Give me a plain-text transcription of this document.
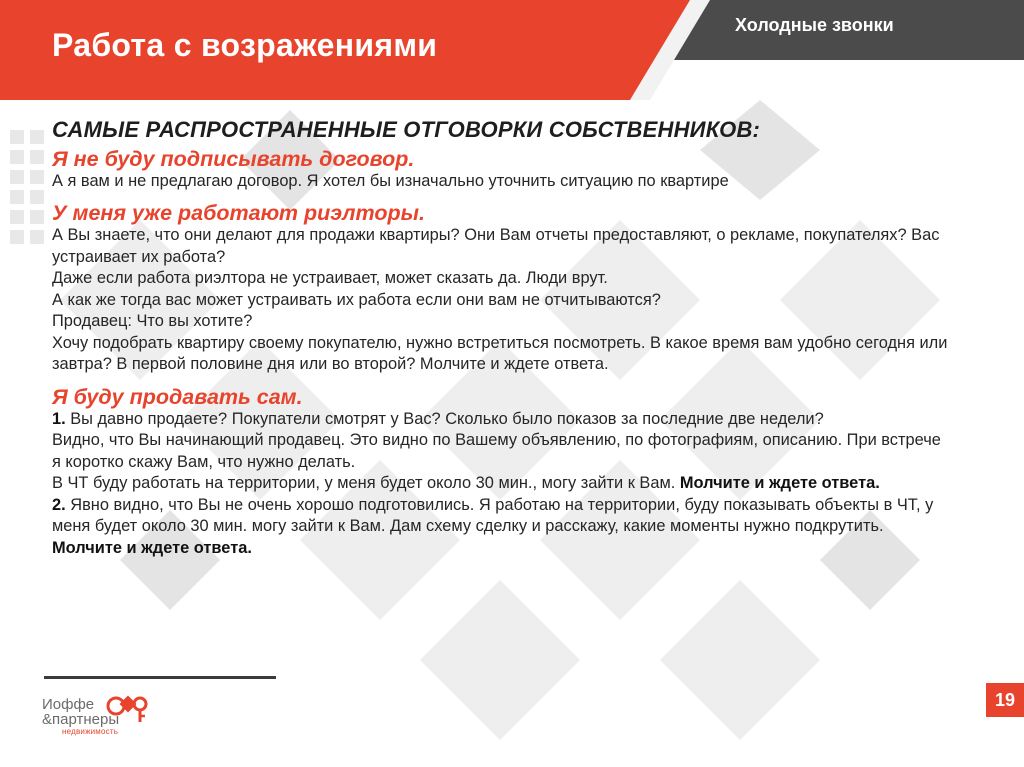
Работа с возражениями
Холодные звонки
САМЫЕ РАСПРОСТРАНЕННЫЕ ОТГОВОРКИ СОБСТВЕННИКОВ:
Я не буду подписывать договор.

А я вам и не предлагаю договор. Я хотел бы изначально уточнить ситуацию по квартире

У меня уже работают риэлторы.

А Вы знаете, что они делают для продажи квартиры? Они Вам отчеты предоставляют, о рекламе, покупателях? Вас устраивает их работа?

Даже если работа риэлтора не устраивает, может сказать да. Люди врут.

А как же тогда вас может устраивать их работа если они вам не отчитываются?

Продавец: Что вы хотите?

Хочу подобрать квартиру своему покупателю, нужно встретиться посмотреть. В какое время вам удобно сегодня или завтра? В первой половине дня или во второй? Молчите и ждете ответа.

Я буду продавать сам.

1. Вы давно продаете? Покупатели смотрят у Вас? Сколько было показов за последние две недели?

Видно, что Вы начинающий продавец. Это видно по Вашему объявлению, по фотографиям, описанию. При встрече я коротко скажу Вам, что нужно делать.

В ЧТ буду работать на территории, у меня будет около 30 мин., могу зайти к Вам. Молчите и ждете ответа.

2. Явно видно, что Вы не очень хорошо подготовились. Я работаю на территории, буду показывать объекты в ЧТ, у меня будет около 30 мин. могу зайти к Вам. Дам схему сделку и расскажу, какие моменты нужно подкрутить. Молчите и ждете ответа.

Иоффе
&партнеры
недвижимость
19
